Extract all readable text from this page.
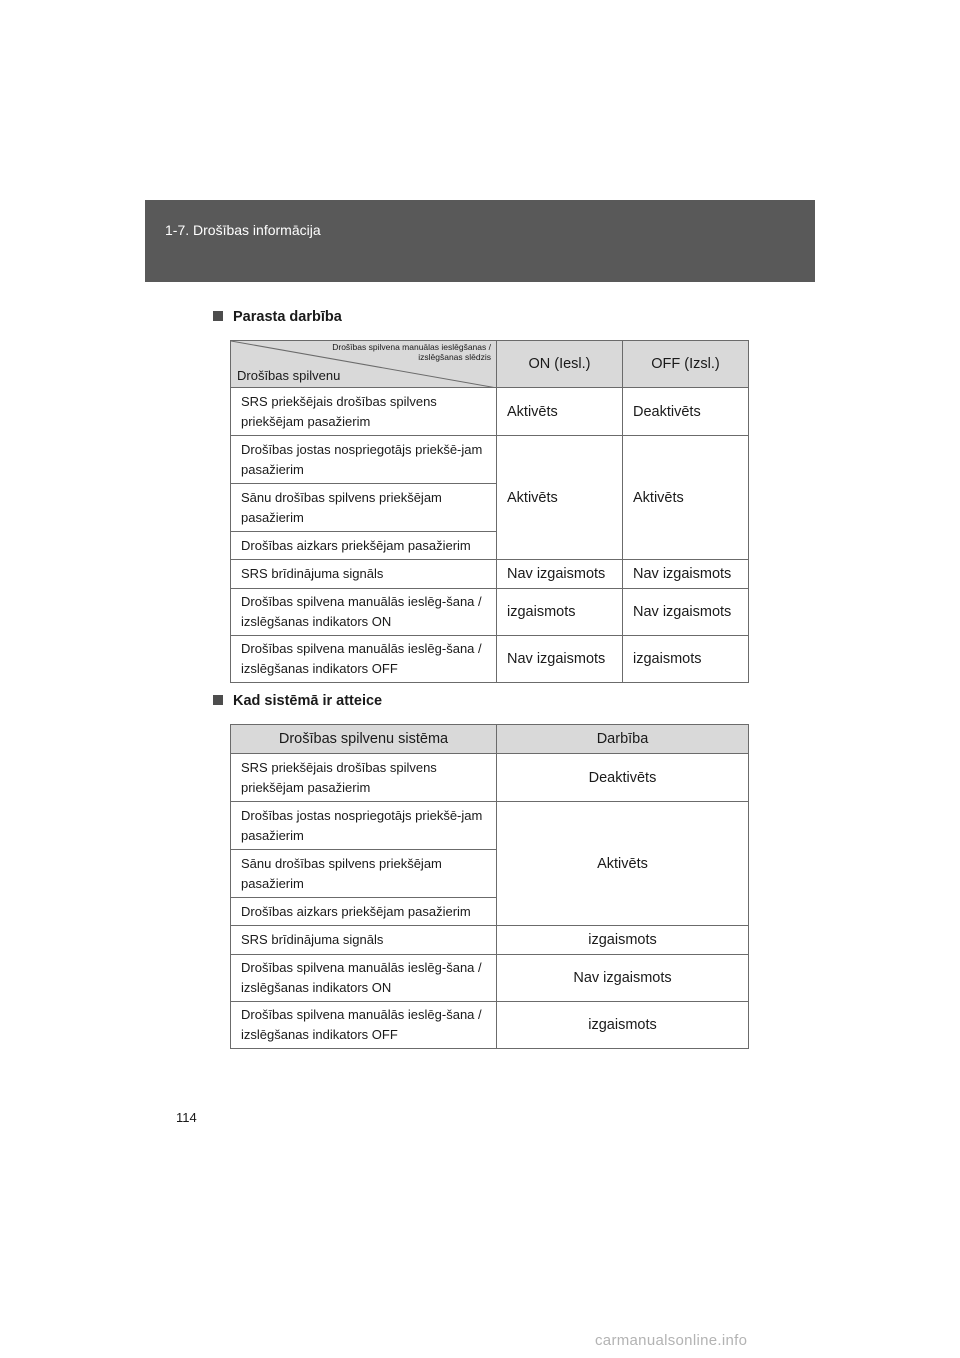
1-7. Drošības informācija
Parasta darbība
Drošības spilvena manuālas ieslēgšanas /
izslēgšanas slēdzis
Drošības spilvenu	ON (Iesl.)	OFF (Izsl.)
SRS priekšējais drošības spilvens priekšējam pasažierim	Aktivēts	Deaktivēts
Drošības jostas nospriegotājs priekšē-jam pasažierim	Aktivēts	Aktivēts
Sānu drošības spilvens priekšējam pasažierim		
Drošības aizkars priekšējam pasažierim		
SRS brīdinājuma signāls	Nav izgaismots	Nav izgaismots
Drošības spilvena manuālās ieslēg-šana / izslēgšanas indikators ON	izgaismots	Nav izgaismots
Drošības spilvena manuālās ieslēg-šana / izslēgšanas indikators OFF	Nav izgaismots	izgaismots
Kad sistēmā ir atteice
Drošības spilvenu sistēma	Darbība
SRS priekšējais drošības spilvens priekšējam pasažierim	Deaktivēts
Drošības jostas nospriegotājs priekšē-jam pasažierim	Aktivēts
Sānu drošības spilvens priekšējam pasažierim	
Drošības aizkars priekšējam pasažierim	
SRS brīdinājuma signāls	izgaismots
Drošības spilvena manuālās ieslēg-šana / izslēgšanas indikators ON	Nav izgaismots
Drošības spilvena manuālās ieslēg-šana / izslēgšanas indikators OFF	izgaismots
114
carmanualsonline.info
